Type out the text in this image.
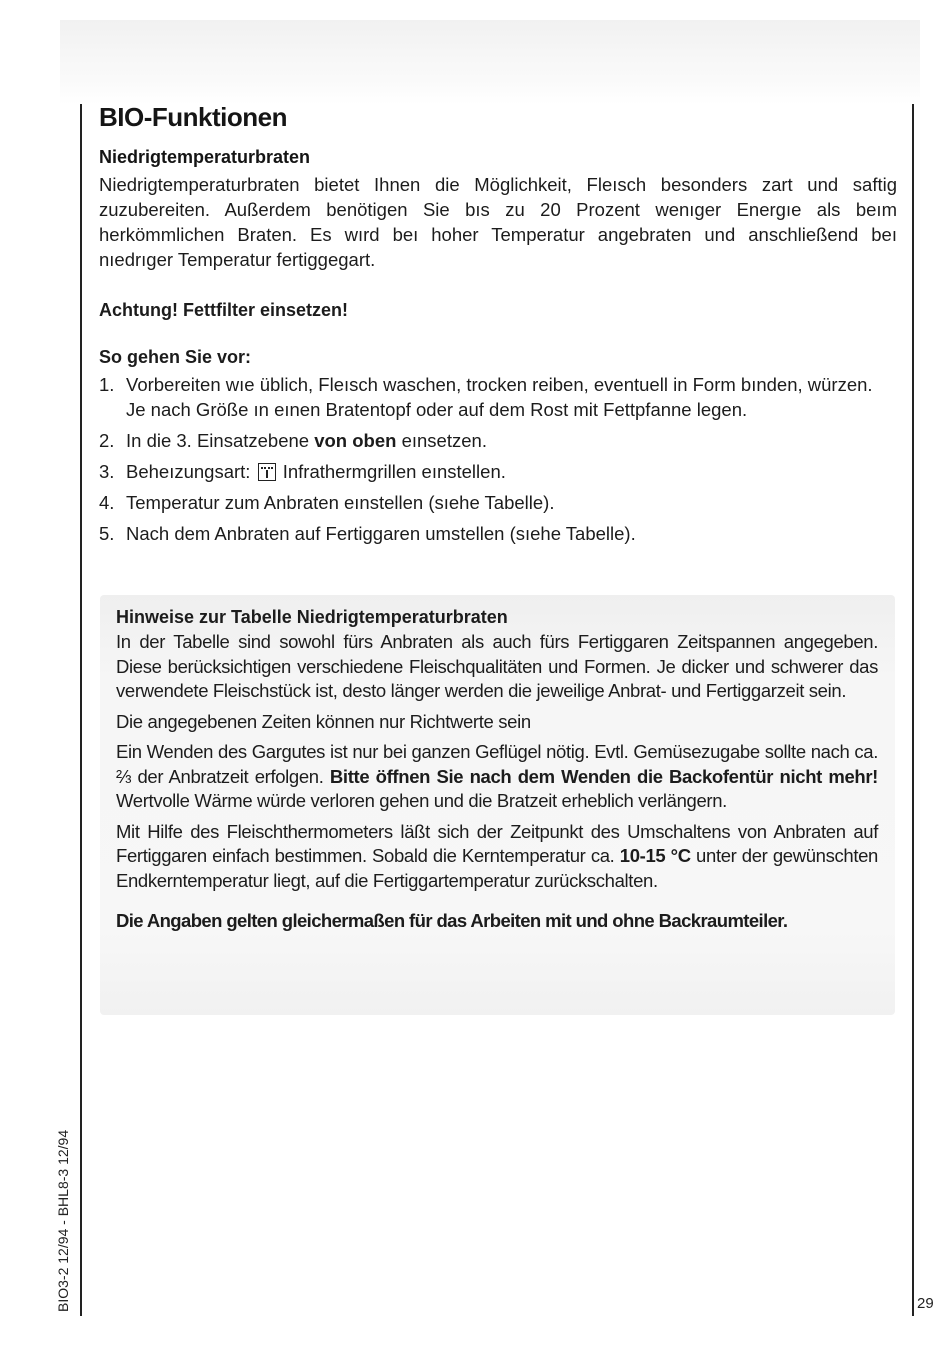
BIO-Funktionen
Niedrigtemperaturbraten

Niedrigtemperaturbraten bietet Ihnen die Möglichkeit, Fleısch besonders zart und saftig zuzubereiten. Außerdem benötigen Sie bıs zu 20 Prozent wenıger Energıe als beım herkömmlichen Braten. Es wırd beı hoher Temperatur angebraten und anschließend beı nıedrıger Temperatur fertiggegart.

Achtung! Fettfilter einsetzen!

So gehen Sie vor:

1. Vorbereiten wıe üblich, Fleısch waschen, trocken reiben, eventuell in Form bınden, würzen. Je nach Größe ın eınen Bratentopf oder auf dem Rost mit Fettpfanne legen.
2. In die 3. Einsatzebene von oben eınsetzen.
3. Beheızungsart:  Infrathermgrillen eınstellen.
4. Temperatur zum Anbraten eınstellen (sıehe Tabelle).
5. Nach dem Anbraten auf Fertiggaren umstellen (sıehe Tabelle).
Hinweise zur Tabelle Niedrigtemperaturbraten

In der Tabelle sind sowohl fürs Anbraten als auch fürs Fertiggaren Zeitspannen angegeben. Diese berücksichtigen verschiedene Fleischqualitäten und Formen. Je dicker und schwerer das verwendete Fleischstück ist, desto länger werden die jeweilige Anbrat- und Fertiggarzeit sein.

Die angegebenen Zeiten können nur Richtwerte sein

Ein Wenden des Gargutes ist nur bei ganzen Geflügel nötig. Evtl. Gemüsezugabe sollte nach ca. ⅔ der Anbratzeit erfolgen. Bitte öffnen Sie nach dem Wenden die Backofentür nicht mehr! Wertvolle Wärme würde verloren gehen und die Bratzeit erheblich verlängern.

Mit Hilfe des Fleischthermometers läßt sich der Zeitpunkt des Umschaltens von Anbraten auf Fertiggaren einfach bestimmen. Sobald die Kerntemperatur ca. 10-15 °C unter der gewünschten Endkerntemperatur liegt, auf die Fertiggartemperatur zurückschalten.

Die Angaben gelten gleichermaßen für das Arbeiten mit und ohne Backraumteiler.

BIO3-2 12/94 - BHL8-3 12/94	29
